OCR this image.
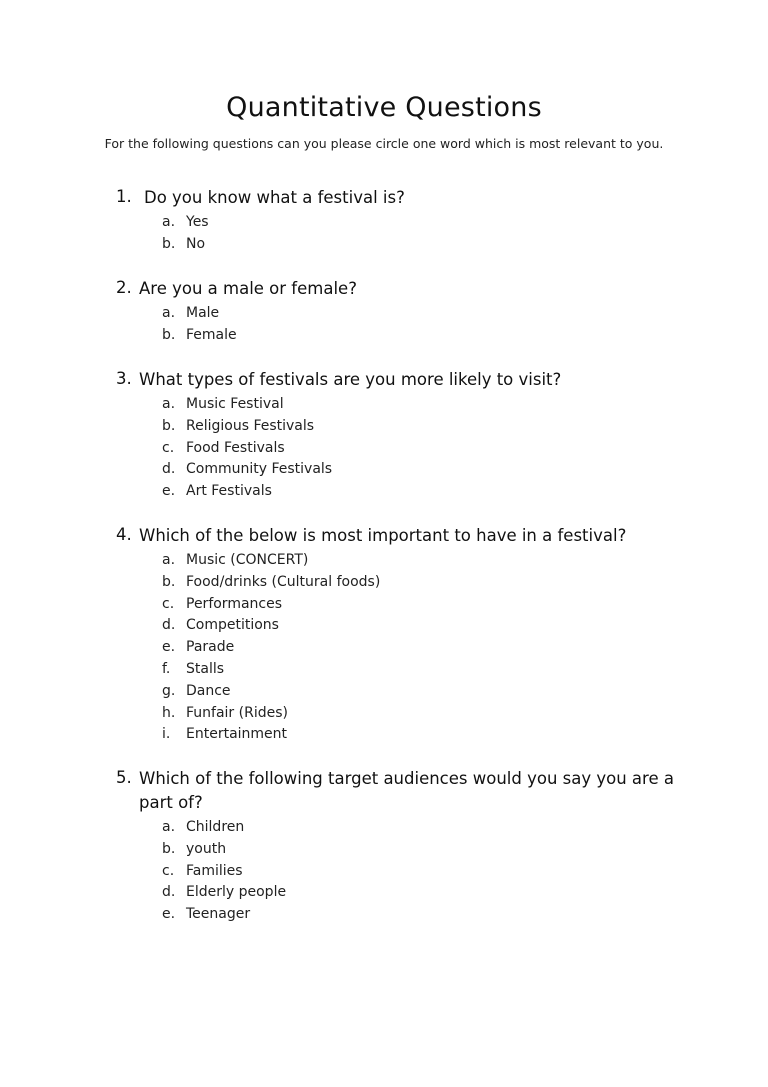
Quantitative Questions
For the following questions can you please circle one word which is most relevant to you.
1. Do you know what a festival is?
a. Yes
b. No
2. Are you a male or female?
a. Male
b. Female
3. What types of festivals are you more likely to visit?
a. Music Festival
b. Religious Festivals
c. Food Festivals
d. Community Festivals
e. Art Festivals
4. Which of the below is most important to have in a festival?
a. Music (CONCERT)
b. Food/drinks (Cultural foods)
c. Performances
d. Competitions
e. Parade
f.	Stalls
g. Dance
h. Funfair (Rides)
i.	Entertainment
5. Which of the following target audiences would you say you are a part of?
a. Children
b. youth
c. Families
d. Elderly people
e. Teenager
